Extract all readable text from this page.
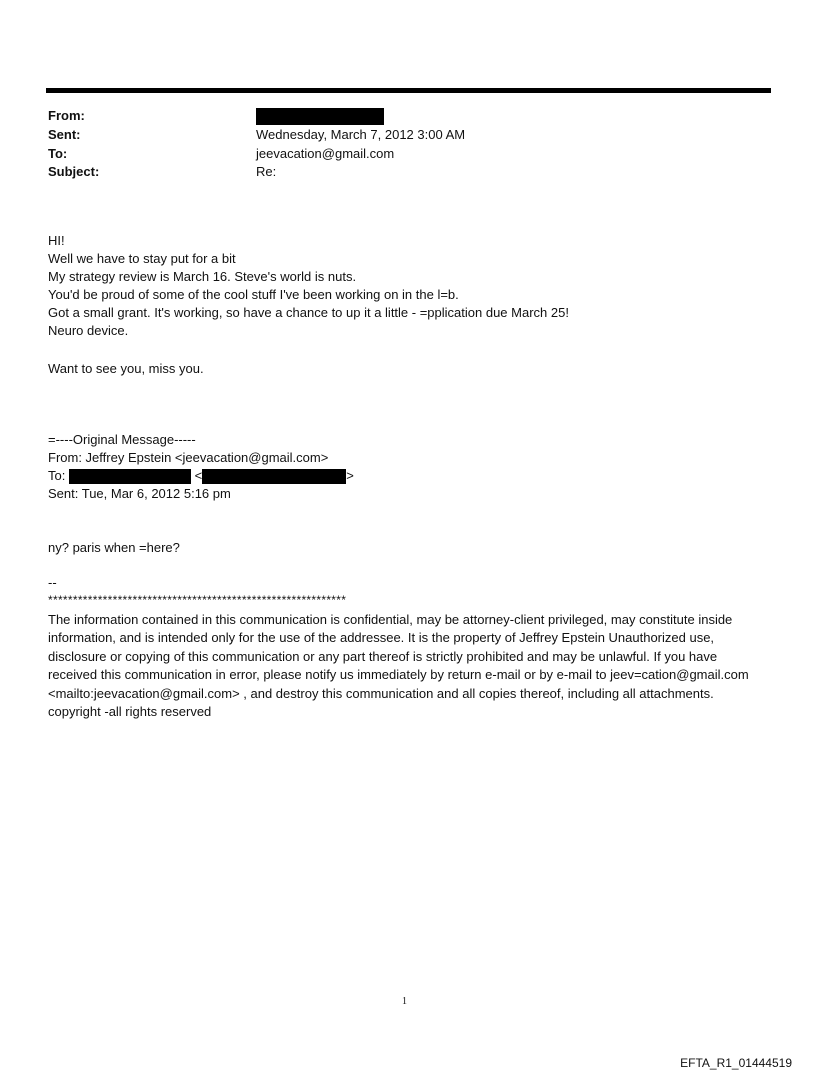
From:
Sent:	Wednesday, March 7, 2012 3:00 AM
To:	jeevacation@gmail.com
Subject:	Re:
HI!
Well we have to stay put for a bit
My strategy review is March 16. Steve's world is nuts.
You'd be proud of some of the cool stuff I've been working on in the l=b.
Got a small grant. It's working, so have a chance to up it a little - =pplication due March 25!
Neuro device.
Want to see you, miss you.
=----Original Message-----
From: Jeffrey Epstein <jeevacation@gmail.com>
To:	<	>
Sent: Tue, Mar 6, 2012 5:16 pm
ny? paris when =here?
--
************************************************************
The information contained in this communication is confidential, may be attorney-client privileged, may constitute inside information, and is intended only for the use of the addressee. It is the property of Jeffrey Epstein Unauthorized use, disclosure or copying of this communication or any part thereof is strictly prohibited and may be unlawful. If you have received this communication in error, please notify us immediately by return e-mail or by e-mail to jeev=cation@gmail.com <mailto:jeevacation@gmail.com> , and destroy this communication and all copies thereof, including all attachments. copyright -all rights reserved
1
EFTA_R1_01444519
